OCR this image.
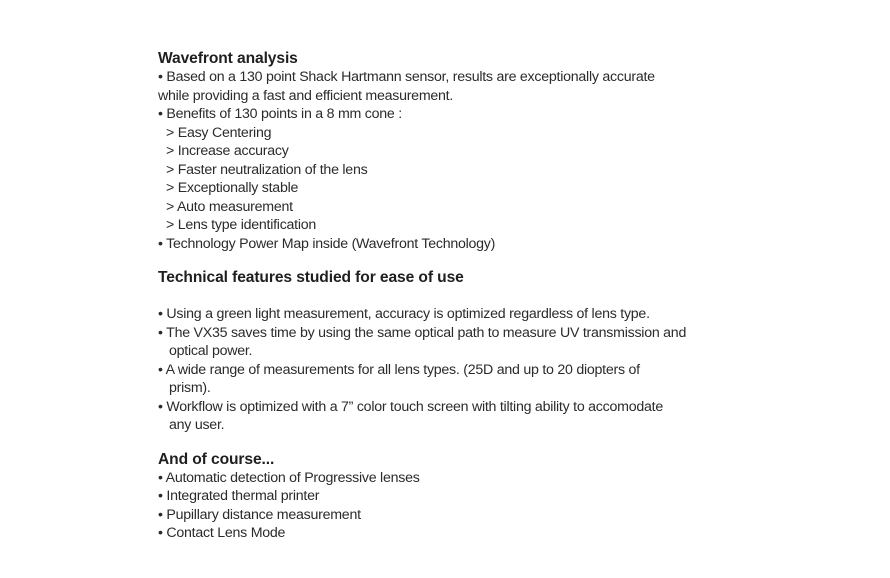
Wavefront analysis
• Based on a 130 point Shack Hartmann sensor, results are exceptionally accurate
while providing a fast and efficient measurement.
• Benefits of 130 points in a 8 mm cone :
> Easy Centering
> Increase accuracy
> Faster neutralization of the lens
> Exceptionally stable
> Auto measurement
> Lens type identification
• Technology Power Map inside (Wavefront Technology)
Technical features studied for ease of use
• Using a green light measurement, accuracy is optimized regardless of lens type.
• The VX35 saves time by using the same optical path to measure UV transmission and
optical power.
• A wide range of measurements for all lens types. (25D and up to 20 diopters of
prism).
• Workflow is optimized with a 7” color touch screen with tilting ability to accomodate
any user.
And of course...
• Automatic detection of Progressive lenses
• Integrated thermal printer
• Pupillary distance measurement
• Contact Lens Mode
